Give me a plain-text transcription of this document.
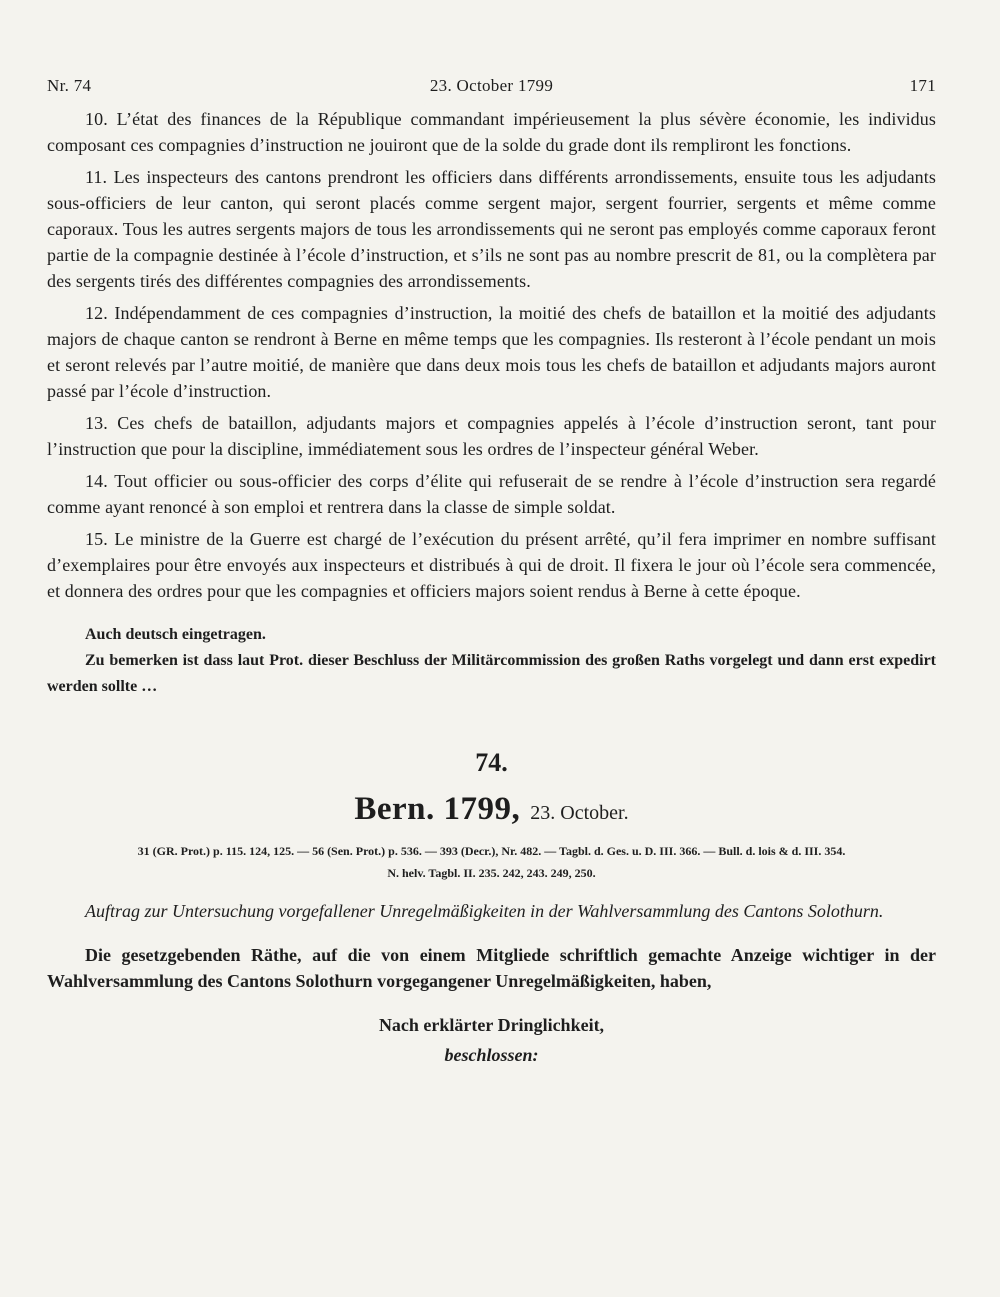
Nr. 74	23. October 1799	171

10. L’état des finances de la République commandant impérieusement la plus sévère économie, les individus composant ces compagnies d’instruction ne jouiront que de la solde du grade dont ils rempliront les fonctions.

11. Les inspecteurs des cantons prendront les officiers dans différents arrondissements, ensuite tous les adjudants sous-officiers de leur canton, qui seront placés comme sergent major, sergent fourrier, sergents et même comme caporaux. Tous les autres sergents majors de tous les arrondissements qui ne seront pas employés comme caporaux feront partie de la compagnie destinée à l’école d’instruction, et s’ils ne sont pas au nombre prescrit de 81, ou la complètera par des sergents tirés des différentes compagnies des arrondissements.

12. Indépendamment de ces compagnies d’instruction, la moitié des chefs de bataillon et la moitié des adjudants majors de chaque canton se rendront à Berne en même temps que les compagnies. Ils resteront à l’école pendant un mois et seront relevés par l’autre moitié, de manière que dans deux mois tous les chefs de bataillon et adjudants majors auront passé par l’école d’instruction.

13. Ces chefs de bataillon, adjudants majors et compagnies appelés à l’école d’instruction seront, tant pour l’instruction que pour la discipline, immédiatement sous les ordres de l’inspecteur général Weber.

14. Tout officier ou sous-officier des corps d’élite qui refuserait de se rendre à l’école d’instruction sera regardé comme ayant renoncé à son emploi et rentrera dans la classe de simple soldat.

15. Le ministre de la Guerre est chargé de l’exécution du présent arrêté, qu’il fera imprimer en nombre suffisant d’exemplaires pour être envoyés aux inspecteurs et distribués à qui de droit. Il fixera le jour où l’école sera commencée, et donnera des ordres pour que les compagnies et officiers majors soient rendus à Berne à cette époque.

Auch deutsch eingetragen.

Zu bemerken ist dass laut Prot. dieser Beschluss der Militärcommission des großen Raths vorgelegt und dann erst expedirt werden sollte …

74.
Bern. 1799, 23. October.
31 (GR. Prot.) p. 115. 124, 125. — 56 (Sen. Prot.) p. 536. — 393 (Decr.), Nr. 482. — Tagbl. d. Ges. u. D. III. 366. — Bull. d. lois & d. III. 354.
N. helv. Tagbl. II. 235. 242, 243. 249, 250.

Auftrag zur Untersuchung vorgefallener Unregelmäßigkeiten in der Wahlversammlung des Cantons Solothurn.

Die gesetzgebenden Räthe, auf die von einem Mitgliede schriftlich gemachte Anzeige wichtiger in der Wahlversammlung des Cantons Solothurn vorgegangener Unregelmäßigkeiten, haben,

Nach erklärter Dringlichkeit,
beschlossen:
